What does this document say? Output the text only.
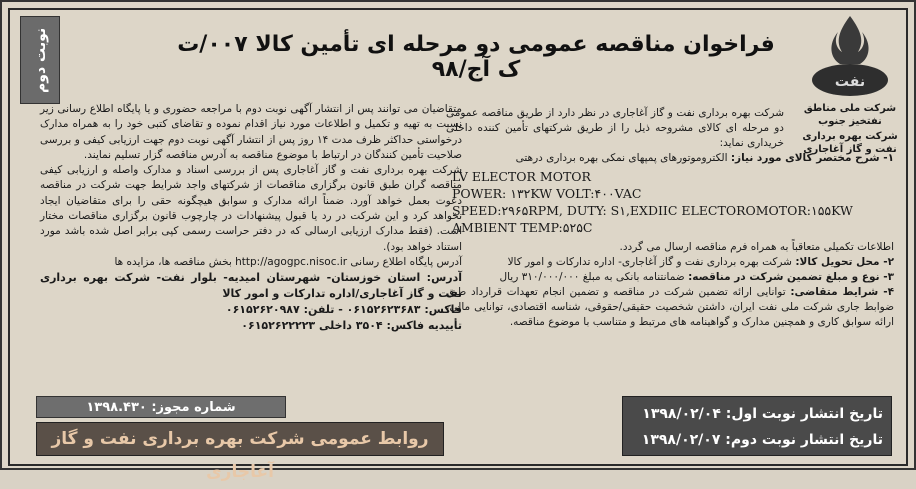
نوبت دوم	ﻧﻔﺖ
شرکت ملی مناطق نفتخیز جنوب
شرکت بهره برداری نفت و گاز آغاجاری
فراخوان مناقصه عمومی دو مرحله ای تأمین کالا ۰۰۷/ت ک آج/۹۸

شرکت بهره برداری نفت و گاز آغاجاری در نظر دارد از طریق مناقصه عمومی دو مرحله ای کالای مشروحه ذیل را از طریق شرکتهای تأمین کننده داخلی خریداری نماید:

۱- شرح مختصر کالای مورد نیاز: الکتروموتورهای پمپهای نمکی بهره برداری درهتی

LV ELECTOR MOTOR
POWER: ۱۳۲KW VOLT:۴۰۰VAC
SPEED:۲۹۶۵RPM, DUTY: S۱,EXDIIC ELECTOROMOTOR:۱۵۵KW
AMBIENT TEMP:۵۲۵C

اطلاعات تکمیلی متعاقباً به همراه فرم مناقصه ارسال می گردد.

۲- محل تحویل کالا: شرکت بهره برداری نفت و گاز آغاجاری- اداره تدارکات و امور کالا

۳- نوع و مبلغ تضمین شرکت در مناقصه: ضمانتنامه بانکی به مبلغ ۳۱۰/۰۰۰/۰۰۰ ریال

۴- شرایط متقاضی: توانایی ارائه تضمین شرکت در مناقصه و تضمین انجام تعهدات قرارداد طبق ضوابط جاری شرکت ملی نفت ایران، داشتن شخصیت حقیقی/حقوقی، شناسه اقتصادی، توانایی مالی، ارائه سوابق کاری و همچنین مدارک و گواهینامه های مرتبط و متناسب با موضوع مناقصه.

متقاضیان می توانند پس از انتشار آگهی نوبت دوم با مراجعه حضوری و یا پایگاه اطلاع رسانی زیر نسبت به تهیه و تکمیل و اطلاعات مورد نیاز اقدام نموده و تقاضای کتبی خود را به همراه مدارک درخواستی حداکثر ظرف مدت ۱۴ روز پس از انتشار آگهی نوبت دوم جهت ارزیابی کیفی و بررسی صلاحیت تأمین کنندگان در ارتباط با موضوع مناقصه به آدرس مناقصه گزار تسلیم نمایند.

شرکت بهره برداری نفت و گاز آغاجاری پس از بررسی اسناد و مدارک واصله و ارزیابی کیفی مناقصه گران طبق قانون برگزاری مناقصات از شرکتهای واجد شرایط جهت شرکت در مناقصه دعوت بعمل خواهد آورد. ضمناً ارائه مدارک و سوابق هیچگونه حقی را برای متقاضیان ایجاد نخواهد کرد و این شرکت در رد یا قبول پیشنهادات در چارچوب قانون برگزاری مناقصات مختار است. (فقط مدارک ارزیابی ارسالی که در دفتر حراست رسمی کپی برابر اصل شده باشد مورد استناد خواهد بود).

آدرس پایگاه اطلاع رسانی http://agogpc.nisoc.ir بخش مناقصه ها، مزایده ها

آدرس: استان خوزستان- شهرستان امیدیه- بلوار نفت- شرکت بهره برداری نفت و گاز آغاجاری/اداره تدارکات و امور کالا

فاکس: ۰۶۱۵۲۶۲۳۶۸۳ - تلفن: ۰۶۱۵۲۶۲۰۹۸۷

تأییدیه فاکس: ۳۵۰۴ داخلی ۰۶۱۵۲۶۲۲۲۲۳

شماره مجوز: ۱۳۹۸.۴۳۰
روابط عمومی شرکت بهره برداری نفت و گاز آغاجاری
تاریخ انتشار نوبت اول: ۱۳۹۸/۰۲/۰۴
تاریخ انتشار نوبت دوم: ۱۳۹۸/۰۲/۰۷
